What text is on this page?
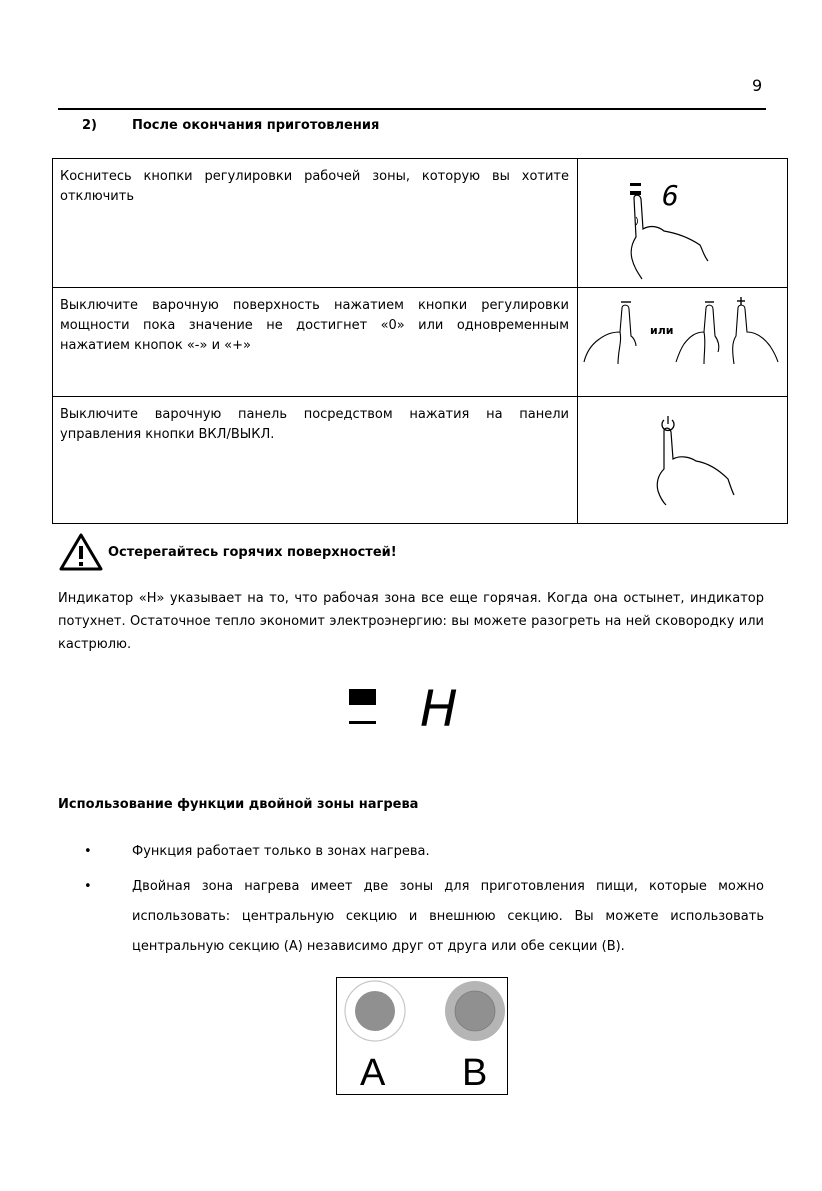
9
2)	После окончания приготовления
Коснитесь кнопки регулировки рабочей зоны, которую вы хотите отключить	6

Выключите варочную поверхность нажатием кнопки регулировки мощности пока значение не достигнет «0» или одновременным нажатием кнопок «-» и «+»	или

Выключите варочную панель посредством нажатия на панели управления кнопки ВКЛ/ВЫКЛ.	
Остерегайтесь горячих поверхностей!
Индикатор «H» указывает на то, что рабочая зона все еще горячая. Когда она остынет, индикатор потухнет. Остаточное тепло экономит электроэнергию: вы можете разогреть на ней сковородку или кастрюлю.
H
Использование функции двойной зоны нагрева
•	Функция работает только в зонах нагрева.
•	Двойная зона нагрева имеет две зоны для приготовления пищи, которые можно использовать: центральную секцию и внешнюю секцию. Вы можете использовать центральную секцию (A) независимо друг от друга или обе секции (B).
A B
